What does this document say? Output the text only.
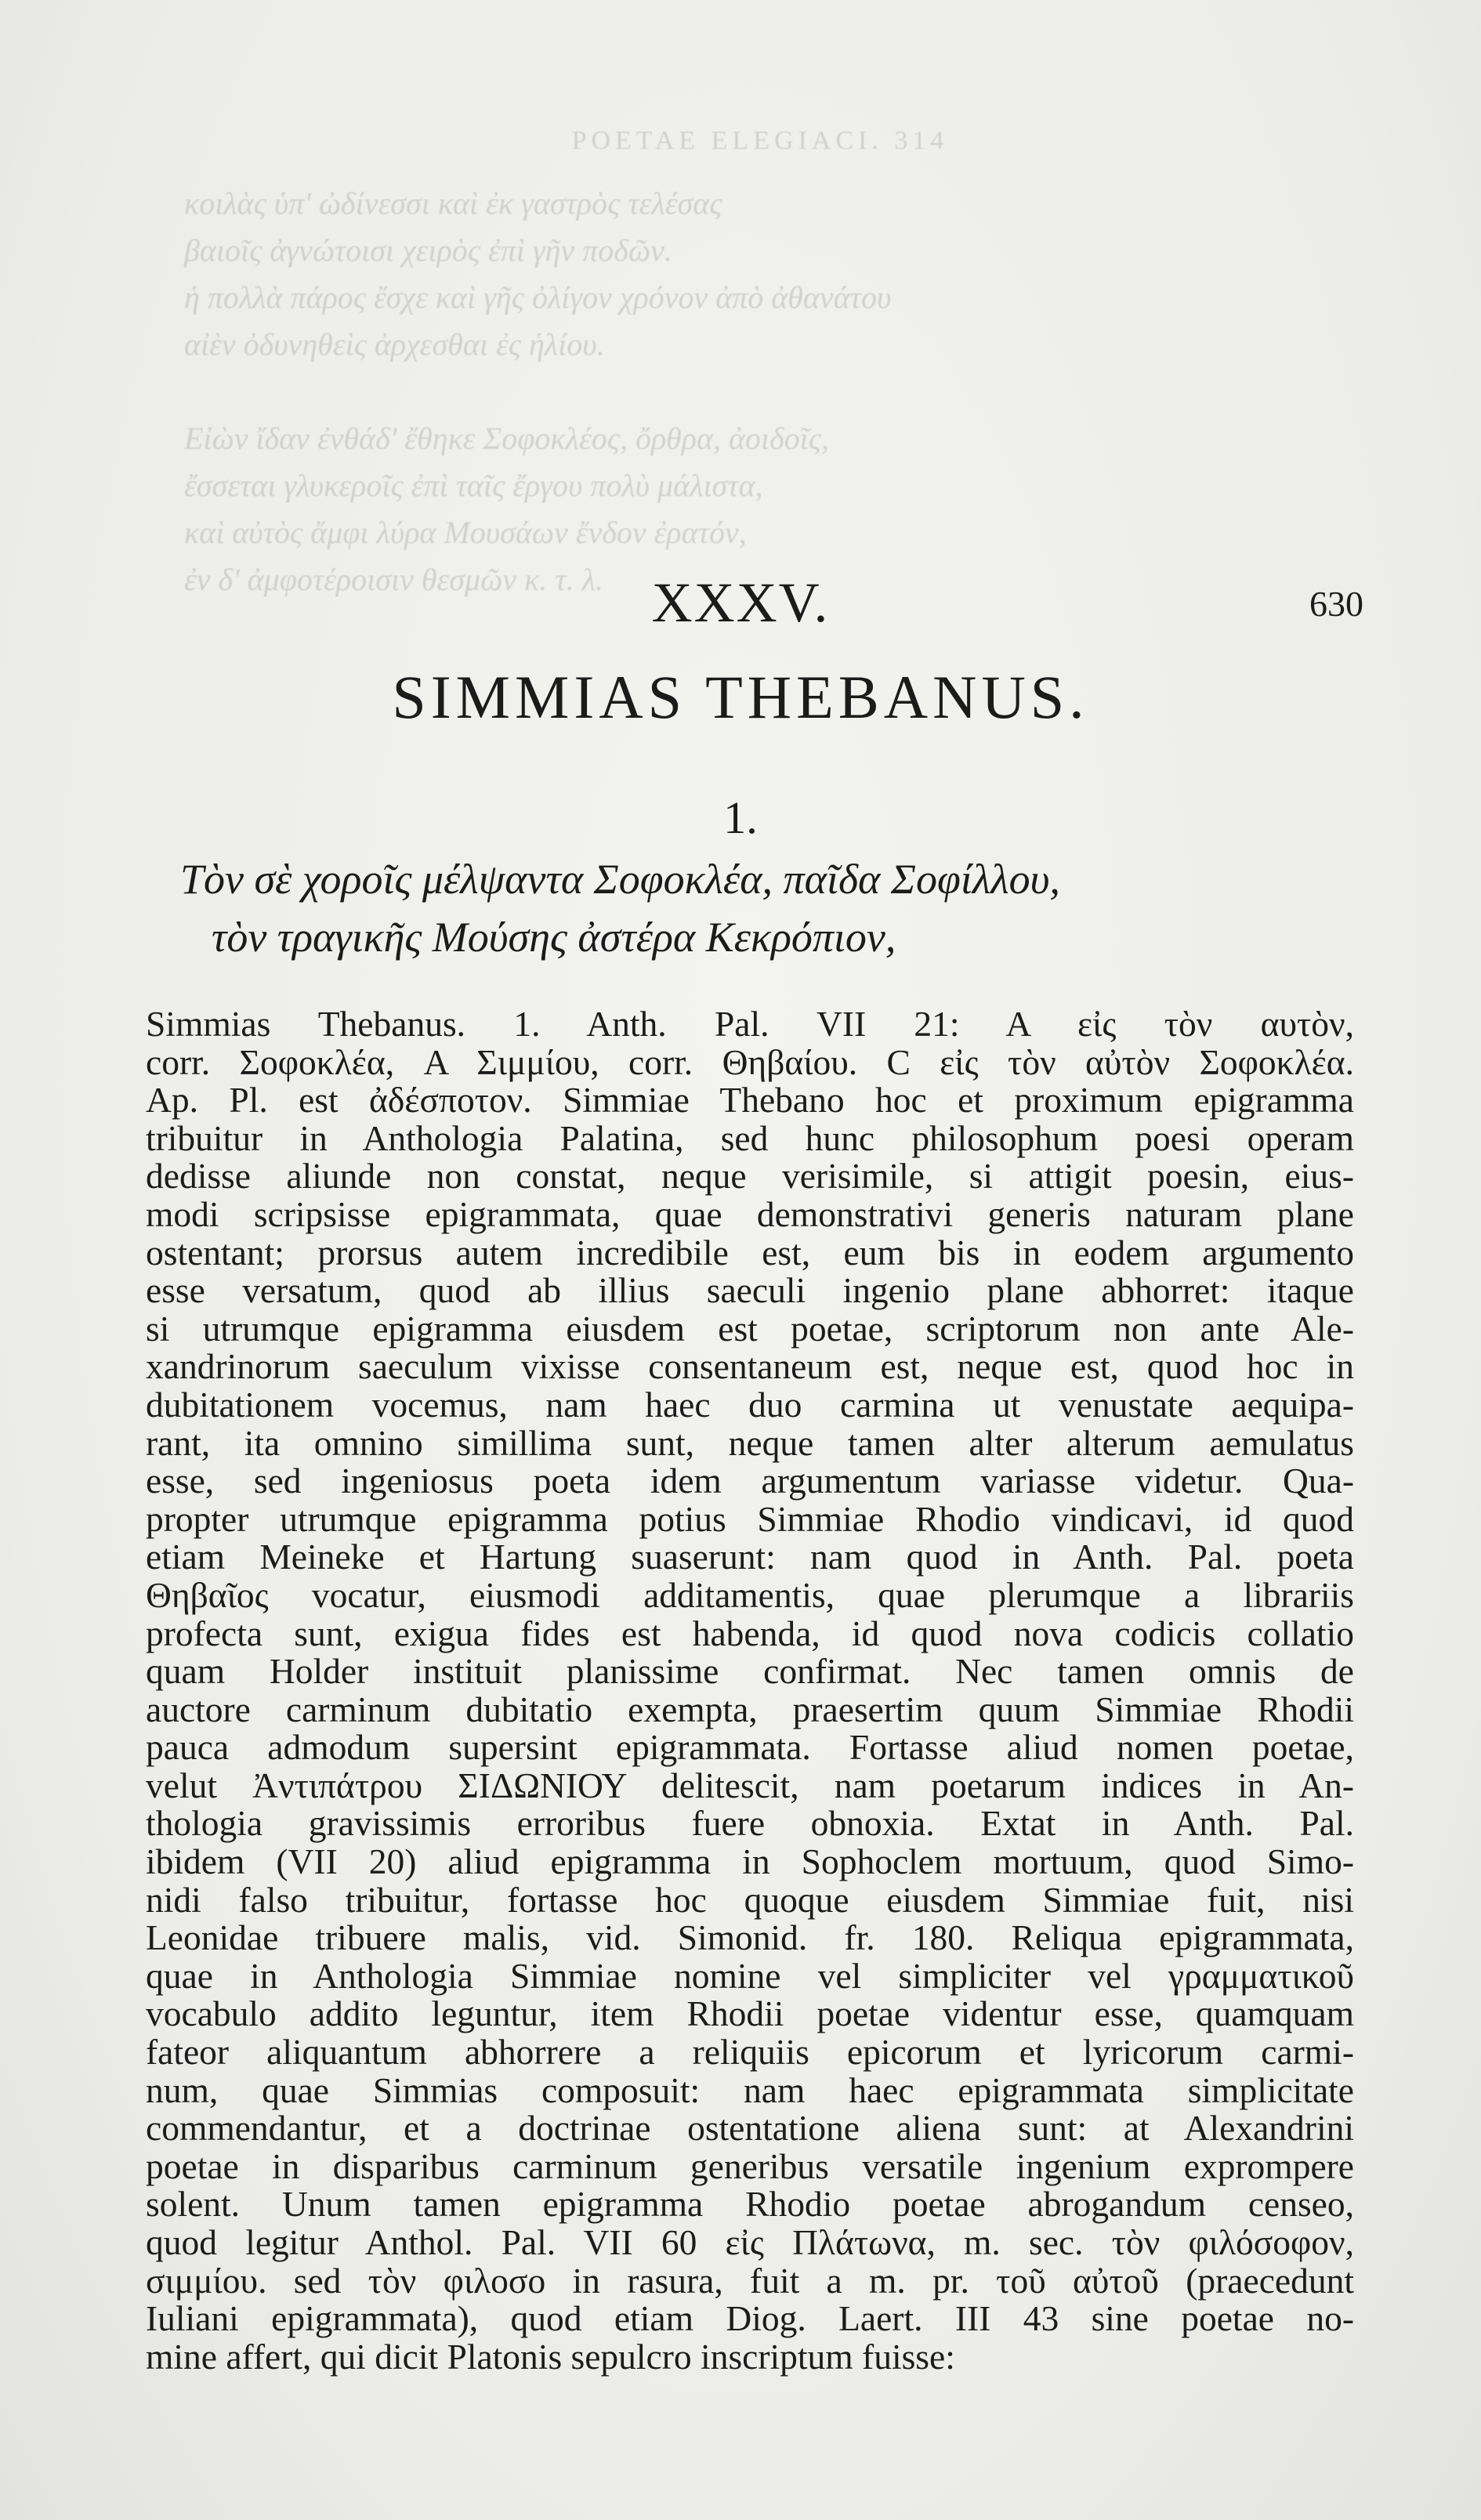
POETAE ELEGIACI. 314
κοιλὰς ὑπ' ὠδίνεσσι καὶ ἐκ γαστρὸς τελέσας
βαιοῖς ἀγνώτοισι χειρὸς ἐπὶ γῆν ποδῶν.
ἡ πολλὰ πάρος ἔσχε καὶ γῆς ὀλίγον χρόνον ἀπὸ ἀθανάτου
αἰὲν ὀδυνηθεὶς ἀρχεσθαι ἐς ἡλίου.
Εἰὼν ἴδαν ἐνθάδ' ἔθηκε Σοφοκλέος, ὄρθρα, ἀοιδοῖς,
ἔσσεται γλυκεροῖς ἐπὶ ταῖς ἔργου πολὺ μάλιστα,
καὶ αὐτὸς ἄμφι λύρα Μουσάων ἔνδον ἐρατόν,
ἐν δ' ἀμφοτέροισιν θεσμῶν κ. τ. λ. XXXV.	630
SIMMIAS THEBANUS.
1.
Τὸν σὲ χοροῖς μέλψαντα Σοφοκλέα, παῖδα Σοφίλλου,
τὸν τραγικῆς Μούσης ἀστέρα Κεκρόπιον,
Simmias Thebanus. 1. Anth. Pal. VII 21: A εἰς τὸν αυτὸν,
corr. Σοφοκλέα, A Σιμμίου, corr. Θηβαίου. C εἰς τὸν αὐτὸν Σοφοκλέα.
Ap. Pl. est ἀδέσποτον. Simmiae Thebano hoc et proximum epigramma
tribuitur in Anthologia Palatina, sed hunc philosophum poesi operam
dedisse aliunde non constat, neque verisimile, si attigit poesin, eius-
modi scripsisse epigrammata, quae demonstrativi generis naturam plane
ostentant; prorsus autem incredibile est, eum bis in eodem argumento
esse versatum, quod ab illius saeculi ingenio plane abhorret: itaque
si utrumque epigramma eiusdem est poetae, scriptorum non ante Ale-
xandrinorum saeculum vixisse consentaneum est, neque est, quod hoc in
dubitationem vocemus, nam haec duo carmina ut venustate aequipa-
rant, ita omnino simillima sunt, neque tamen alter alterum aemulatus
esse, sed ingeniosus poeta idem argumentum variasse videtur. Qua-
propter utrumque epigramma potius Simmiae Rhodio vindicavi, id quod
etiam Meineke et Hartung suaserunt: nam quod in Anth. Pal. poeta
Θηβαῖος vocatur, eiusmodi additamentis, quae plerumque a librariis
profecta sunt, exigua fides est habenda, id quod nova codicis collatio
quam Holder instituit planissime confirmat. Nec tamen omnis de
auctore carminum dubitatio exempta, praesertim quum Simmiae Rhodii
pauca admodum supersint epigrammata. Fortasse aliud nomen poetae,
velut Ἀντιπάτρου ΣΙΔΩΝΙΟΥ delitescit, nam poetarum indices in An-
thologia gravissimis erroribus fuere obnoxia. Extat in Anth. Pal.
ibidem (VII 20) aliud epigramma in Sophoclem mortuum, quod Simo-
nidi falso tribuitur, fortasse hoc quoque eiusdem Simmiae fuit, nisi
Leonidae tribuere malis, vid. Simonid. fr. 180. Reliqua epigrammata,
quae in Anthologia Simmiae nomine vel simpliciter vel γραμματικοῦ
vocabulo addito leguntur, item Rhodii poetae videntur esse, quamquam
fateor aliquantum abhorrere a reliquiis epicorum et lyricorum carmi-
num, quae Simmias composuit: nam haec epigrammata simplicitate
commendantur, et a doctrinae ostentatione aliena sunt: at Alexandrini
poetae in disparibus carminum generibus versatile ingenium exprompere
solent. Unum tamen epigramma Rhodio poetae abrogandum censeo,
quod legitur Anthol. Pal. VII 60 εἰς Πλάτωνα, m. sec. τὸν φιλόσοφον,
σιμμίου. sed τὸν φιλοσο in rasura, fuit a m. pr. τοῦ αὐτοῦ (praecedunt
Iuliani epigrammata), quod etiam Diog. Laert. III 43 sine poetae no-
mine affert, qui dicit Platonis sepulcro inscriptum fuisse:
